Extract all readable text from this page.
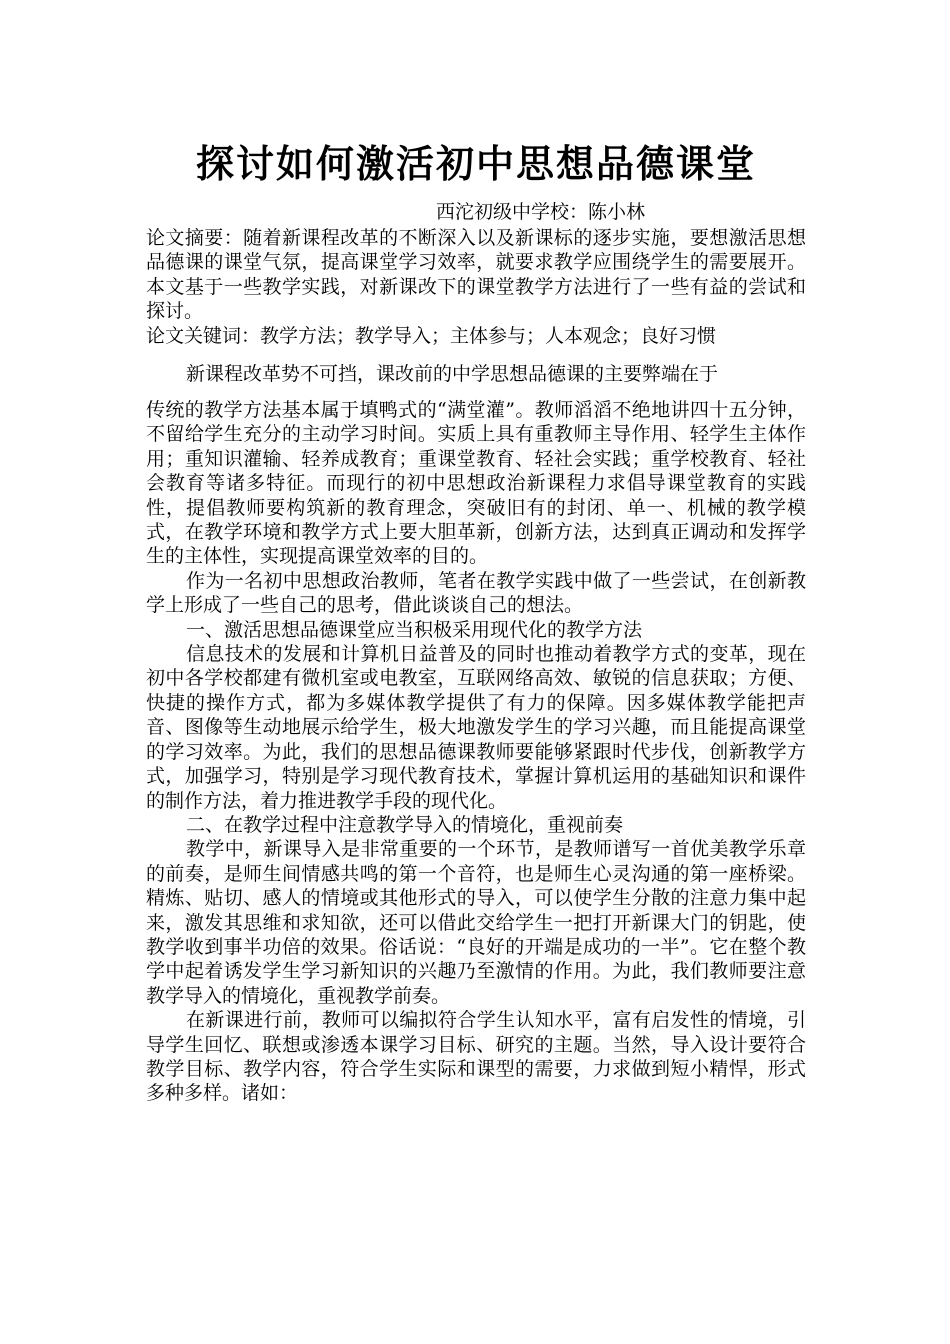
探讨如何激活初中思想品德课堂
西沱初级中学校：陈小林

论文摘要：随着新课程改革的不断深入以及新课标的逐步实施，要想激活思想品德课的课堂气氛，提高课堂学习效率，就要求教学应围绕学生的需要展开。本文基于一些教学实践，对新课改下的课堂教学方法进行了一些有益的尝试和探讨。

论文关键词：教学方法；教学导入；主体参与；人本观念；良好习惯

新课程改革势不可挡，课改前的中学思想品德课的主要弊端在于

传统的教学方法基本属于填鸭式的“满堂灌”。教师滔滔不绝地讲四十五分钟，不留给学生充分的主动学习时间。实质上具有重教师主导作用、轻学生主体作用；重知识灌输、轻养成教育；重课堂教育、轻社会实践；重学校教育、轻社会教育等诸多特征。而现行的初中思想政治新课程力求倡导课堂教育的实践性，提倡教师要构筑新的教育理念，突破旧有的封闭、单一、机械的教学模式，在教学环境和教学方式上要大胆革新，创新方法，达到真正调动和发挥学生的主体性，实现提高课堂效率的目的。

作为一名初中思想政治教师，笔者在教学实践中做了一些尝试，在创新教学上形成了一些自己的思考，借此谈谈自己的想法。

一、激活思想品德课堂应当积极采用现代化的教学方法

信息技术的发展和计算机日益普及的同时也推动着教学方式的变革，现在初中各学校都建有微机室或电教室，互联网络高效、敏锐的信息获取；方便、快捷的操作方式，都为多媒体教学提供了有力的保障。因多媒体教学能把声音、图像等生动地展示给学生，极大地激发学生的学习兴趣，而且能提高课堂的学习效率。为此，我们的思想品德课教师要能够紧跟时代步伐，创新教学方式，加强学习，特别是学习现代教育技术，掌握计算机运用的基础知识和课件的制作方法，着力推进教学手段的现代化。

二、在教学过程中注意教学导入的情境化，重视前奏

教学中，新课导入是非常重要的一个环节，是教师谱写一首优美教学乐章的前奏，是师生间情感共鸣的第一个音符，也是师生心灵沟通的第一座桥梁。精炼、贴切、感人的情境或其他形式的导入，可以使学生分散的注意力集中起来，激发其思维和求知欲，还可以借此交给学生一把打开新课大门的钥匙，使教学收到事半功倍的效果。俗话说：“良好的开端是成功的一半”。它在整个教学中起着诱发学生学习新知识的兴趣乃至激情的作用。为此，我们教师要注意教学导入的情境化，重视教学前奏。

在新课进行前，教师可以编拟符合学生认知水平，富有启发性的情境，引导学生回忆、联想或渗透本课学习目标、研究的主题。当然，导入设计要符合教学目标、教学内容，符合学生实际和课型的需要，力求做到短小精悍，形式多种多样。诸如：
